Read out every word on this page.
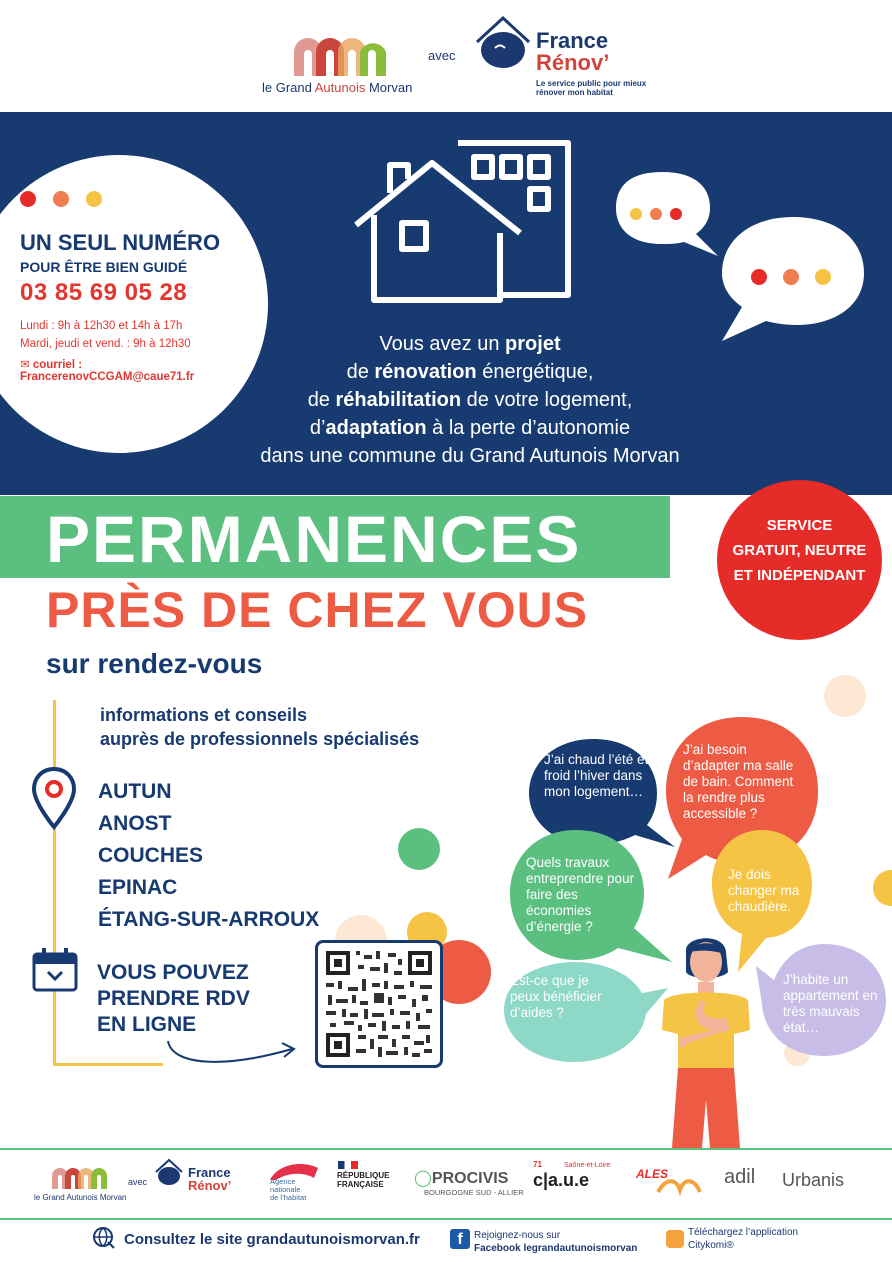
le Grand Autunois Morvan
avec
France
Rénov’
Le service public pour mieux rénover mon habitat
UN SEUL NUMÉRO
POUR ÊTRE BIEN GUIDÉ
03 85 69 05 28
Lundi : 9h à 12h30 et 14h à 17h
Mardi, jeudi et vend. : 9h à 12h30
✉ courriel :
FrancerenovCCGAM@caue71.fr

Vous avez un projet

de rénovation énergétique,

de réhabilitation de votre logement,

d’adaptation à la perte d’autonomie

dans une commune du Grand Autunois Morvan

PERMANENCES
PRÈS DE CHEZ VOUS
sur rendez-vous
SERVICE
GRATUIT, NEUTRE
ET INDÉPENDANT
informations et conseils
auprès de professionnels spécialisés
AUTUN
ANOST
COUCHES
EPINAC
ÉTANG-SUR-ARROUX
VOUS POUVEZ
PRENDRE RDV
EN LIGNE
J’ai chaud l’été et froid l’hiver dans mon logement…
J’ai besoin d’adapter ma salle de bain. Comment la rendre plus accessible ?
Quels travaux entreprendre pour faire des économies d’énergie ?
Je dois changer ma chaudière.
Est-ce que je peux bénéficier d’aides ?
J’habite un appartement en très mauvais état…
le Grand Autunois Morvan
avec
France
Rénov’	Agence
nationale
de l’habitat
RÉPUBLIQUE
FRANÇAISE	◯PROCIVIS
BOURGOGNE SUD - ALLIER
71	Saône-et-Loire
c|a.u.e	ALES	adil Urbanis
Consultez le site grandautunoismorvan.fr	f	Rejoignez-nous sur
Facebook legrandautunoismorvan
Téléchargez l’application
Citykomi®
